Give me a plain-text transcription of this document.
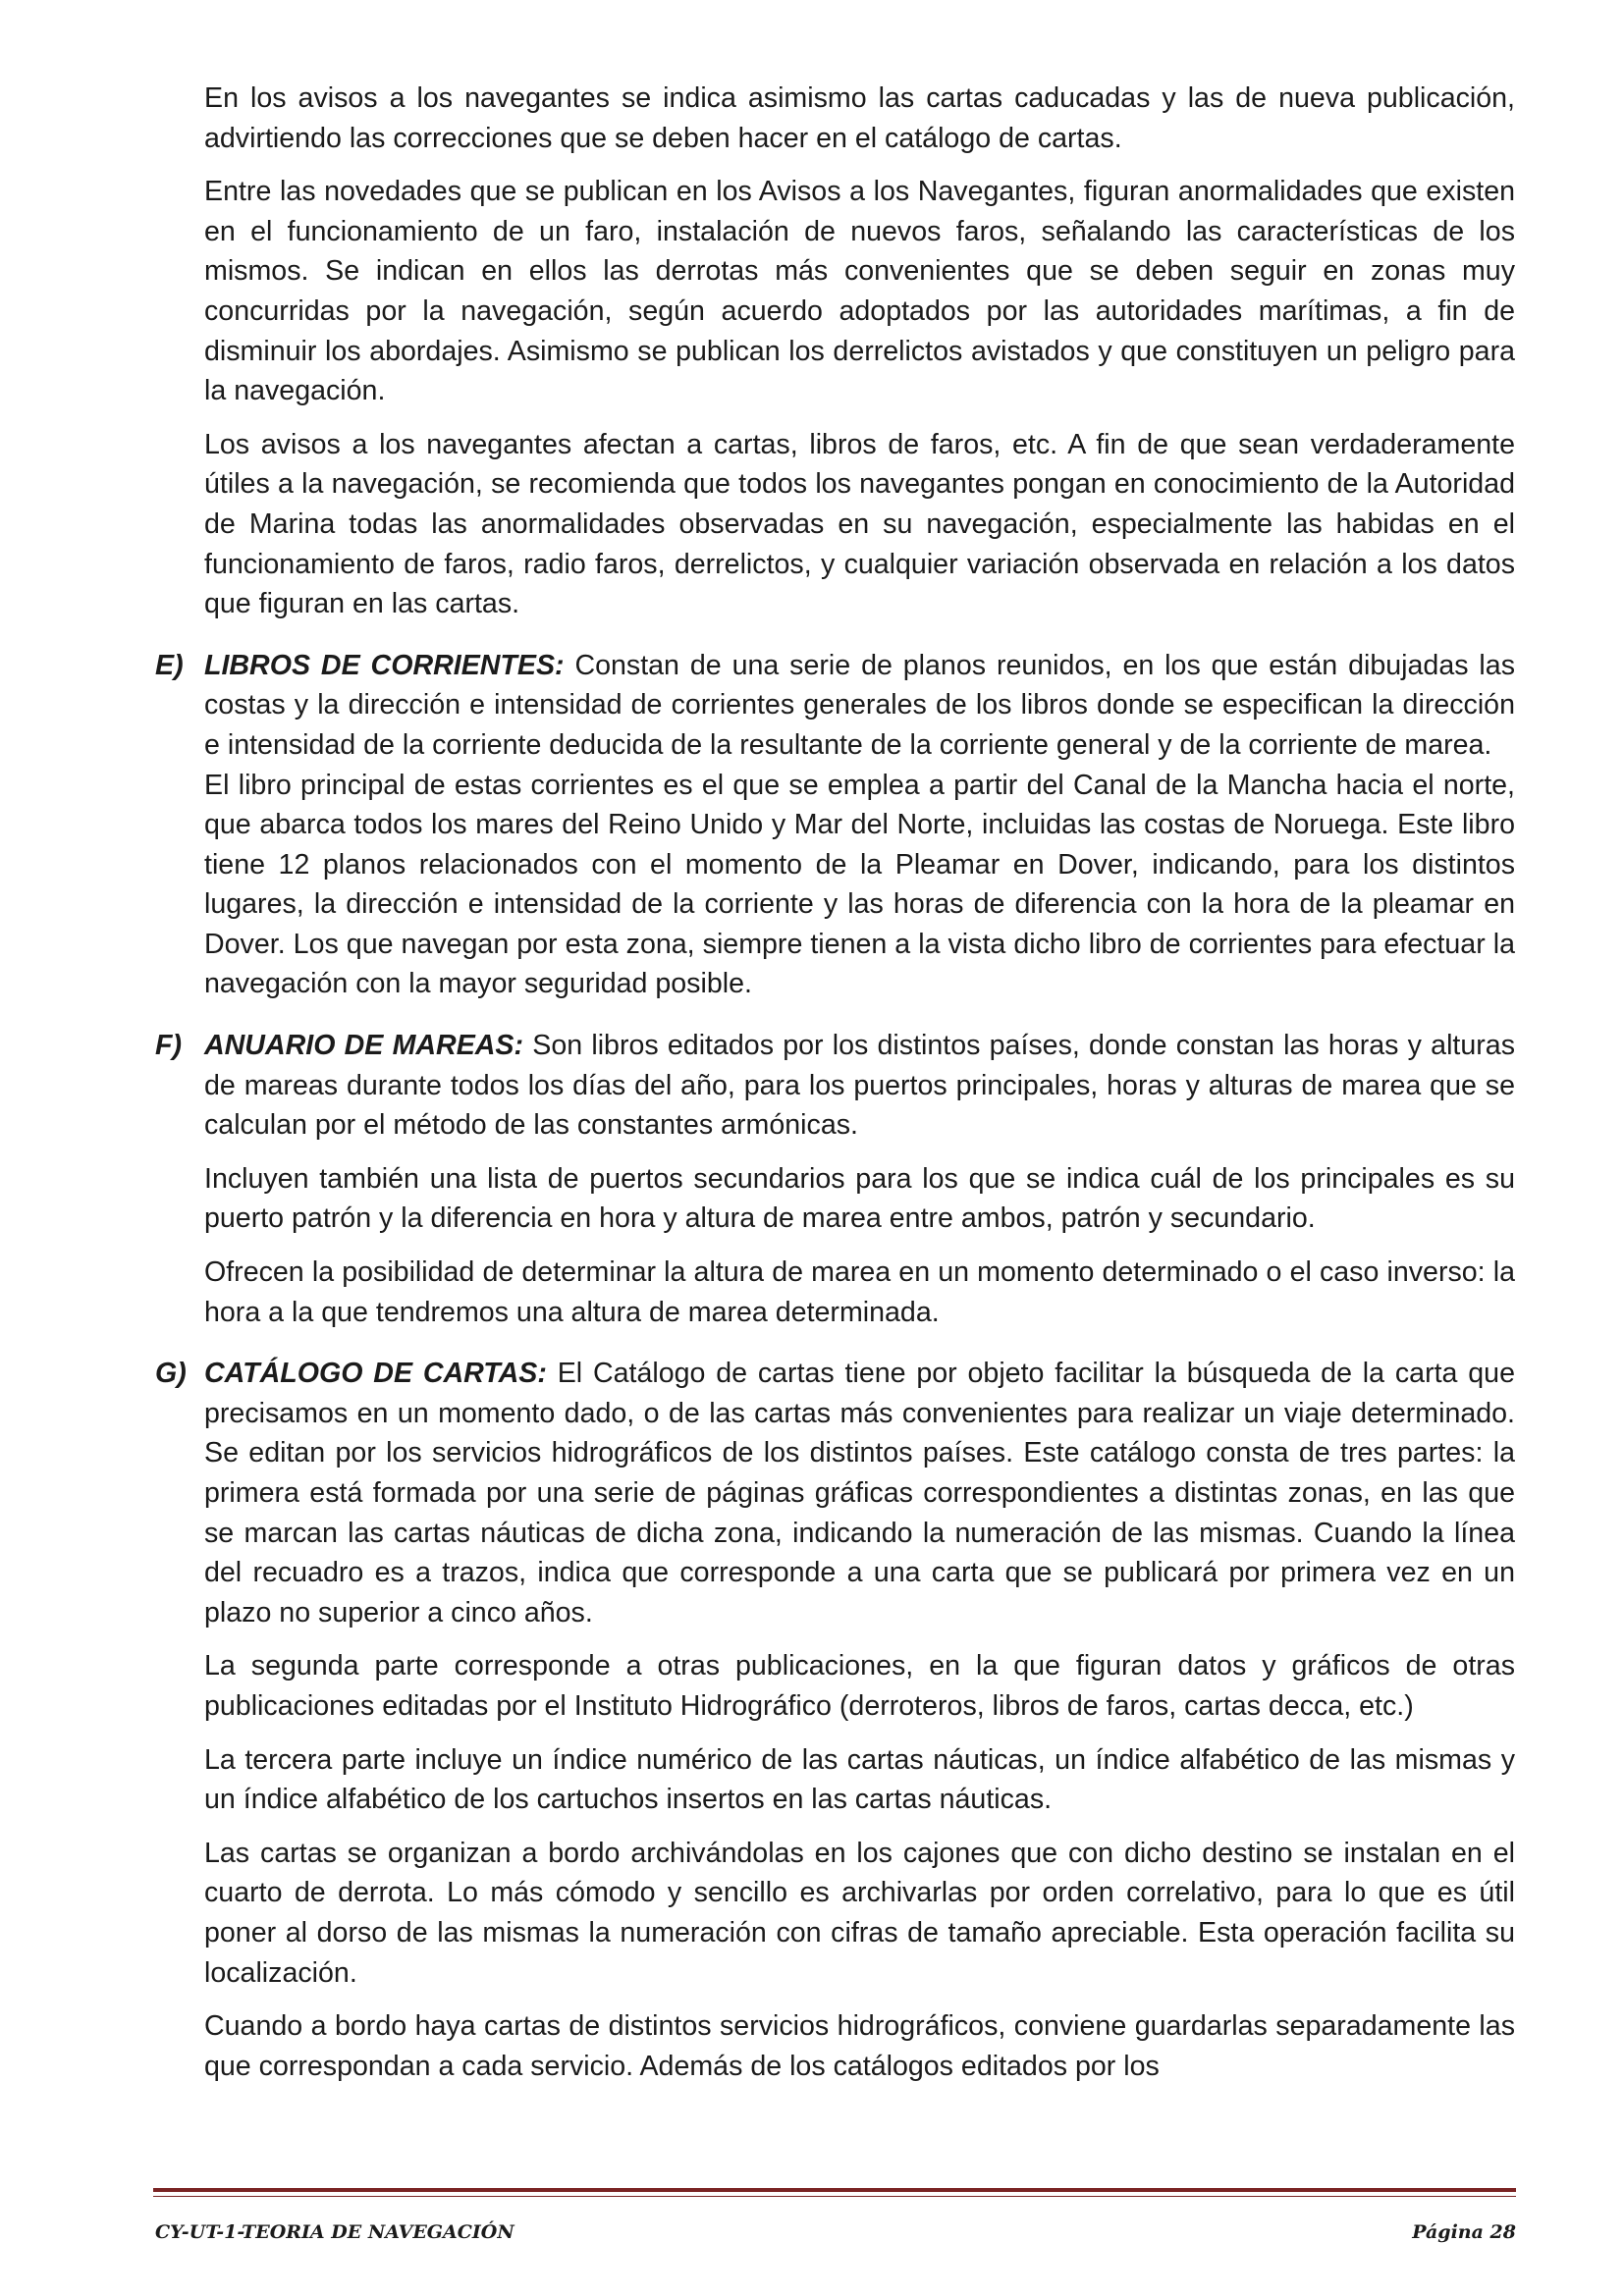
En los avisos a los navegantes se indica asimismo las cartas caducadas y las de nueva publicación, advirtiendo las correcciones que se deben hacer en el catálogo de cartas.

Entre las novedades que se publican en los Avisos a los Navegantes, figuran anormalidades que existen en el funcionamiento de un faro, instalación de nuevos faros, señalando las características de los mismos. Se indican en ellos las derrotas más convenientes que se deben seguir en zonas muy concurridas por la navegación, según acuerdo adoptados por las autoridades marítimas, a fin de disminuir los abordajes. Asimismo se publican los derrelictos avistados y que constituyen un peligro para la navegación.

Los avisos a los navegantes afectan a cartas, libros de faros, etc. A fin de que sean verdaderamente útiles a la navegación, se recomienda que todos los navegantes pongan en conocimiento de la Autoridad de Marina todas las anormalidades observadas en su navegación, especialmente las habidas en el funcionamiento de faros, radio faros, derrelictos, y cualquier variación observada en relación a los datos que figuran en las cartas.

E) LIBROS DE CORRIENTES: Constan de una serie de planos reunidos, en los que están dibujadas las costas y la dirección e intensidad de corrientes generales de los libros donde se especifican la dirección e intensidad de la corriente deducida de la resultante de la corriente general y de la corriente de marea.

El libro principal de estas corrientes es el que se emplea a partir del Canal de la Mancha hacia el norte, que abarca todos los mares del Reino Unido y Mar del Norte, incluidas las costas de Noruega. Este libro tiene 12 planos relacionados con el momento de la Pleamar en Dover, indicando, para los distintos lugares, la dirección e intensidad de la corriente y las horas de diferencia con la hora de la pleamar en Dover. Los que navegan por esta zona, siempre tienen a la vista dicho libro de corrientes para efectuar la navegación con la mayor seguridad posible.

F) ANUARIO DE MAREAS: Son libros editados por los distintos países, donde constan las horas y alturas de mareas durante todos los días del año, para los puertos principales, horas y alturas de marea que se calculan por el método de las constantes armónicas.

Incluyen también una lista de puertos secundarios para los que se indica cuál de los principales es su puerto patrón y la diferencia en hora y altura de marea entre ambos, patrón y secundario.

Ofrecen la posibilidad de determinar la altura de marea en un momento determinado o el caso inverso: la hora a la que tendremos una altura de marea determinada.

G) CATÁLOGO DE CARTAS: El Catálogo de cartas tiene por objeto facilitar la búsqueda de la carta que precisamos en un momento dado, o de las cartas más convenientes para realizar un viaje determinado. Se editan por los servicios hidrográficos de los distintos países. Este catálogo consta de tres partes: la primera está formada por una serie de páginas gráficas correspondientes a distintas zonas, en las que se marcan las cartas náuticas de dicha zona, indicando la numeración de las mismas. Cuando la línea del recuadro es a trazos, indica que corresponde a una carta que se publicará por primera vez en un plazo no superior a cinco años.

La segunda parte corresponde a otras publicaciones, en la que figuran datos y gráficos de otras publicaciones editadas por el Instituto Hidrográfico (derroteros, libros de faros, cartas decca, etc.)

La tercera parte incluye un índice numérico de las cartas náuticas, un índice alfabético de las mismas y un índice alfabético de los cartuchos insertos en las cartas náuticas.

Las cartas se organizan a bordo archivándolas en los cajones que con dicho destino se instalan en el cuarto de derrota. Lo más cómodo y sencillo es archivarlas por orden correlativo, para lo que es útil poner al dorso de las mismas la numeración con cifras de tamaño apreciable. Esta operación facilita su localización.

Cuando a bordo haya cartas de distintos servicios hidrográficos, conviene guardarlas separadamente las que correspondan a cada servicio. Además de los catálogos editados por los

CY-UT-1-TEORIA DE NAVEGACIÓN	Página 28
